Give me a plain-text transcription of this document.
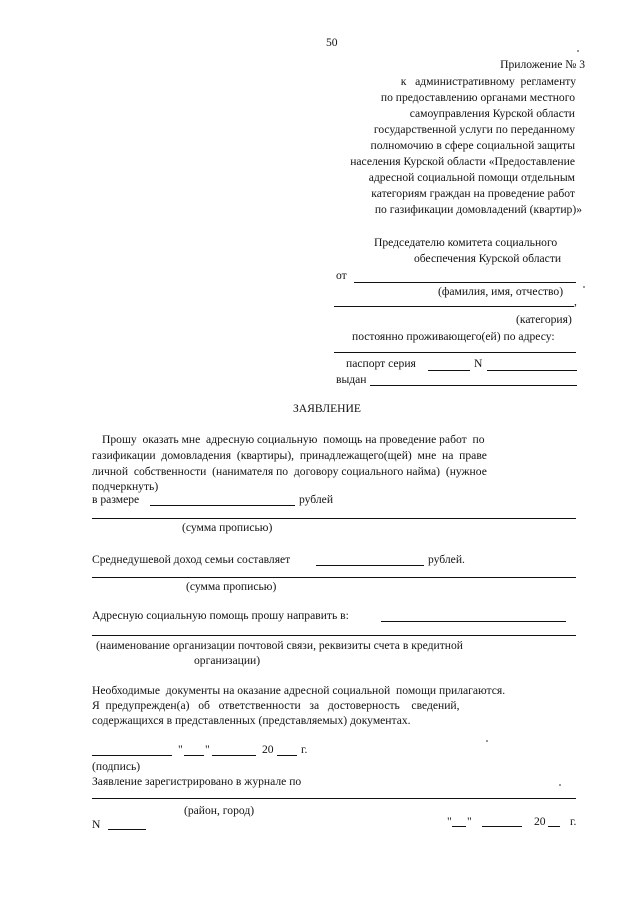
50
Приложение № 3
к   административному  регламенту
по предоставлению органами местного
самоуправления Курской области
государственной услуги по переданному
полномочию в сфере социальной защиты
населения Курской области «Предоставление
адресной социальной помощи отдельным
категориям граждан на проведение работ
по газификации домовладений (квартир)»
Председателю комитета социального
обеспечения Курской области
от
(фамилия, имя, отчество)
,
(категория)
постоянно проживающего(ей) по адресу:
паспорт серия	N
выдан
ЗАЯВЛЕНИЕ
Прошу  оказать мне  адресную социальную  помощь на проведение работ  по
газификации  домовладения  (квартиры),  принадлежащего(щей)  мне  на  праве
личной  собственности  (нанимателя по  договору социального найма)  (нужное
подчеркнуть)
в размере	рублей
(сумма прописью)
Среднедушевой доход семьи составляет	рублей.
(сумма прописью)
Адресную социальную помощь прошу направить в:
(наименование организации почтовой связи, реквизиты счета в кредитной
организации)
Необходимые  документы на оказание адресной социальной  помощи прилагаются.
Я  предупрежден(а)   об   ответственности   за   достоверность    сведений,
содержащихся в представленных (представляемых) документах.
" "	20 г.
(подпись)
Заявление зарегистрировано в журнале по
(район, город)
N	" "	20 г.
